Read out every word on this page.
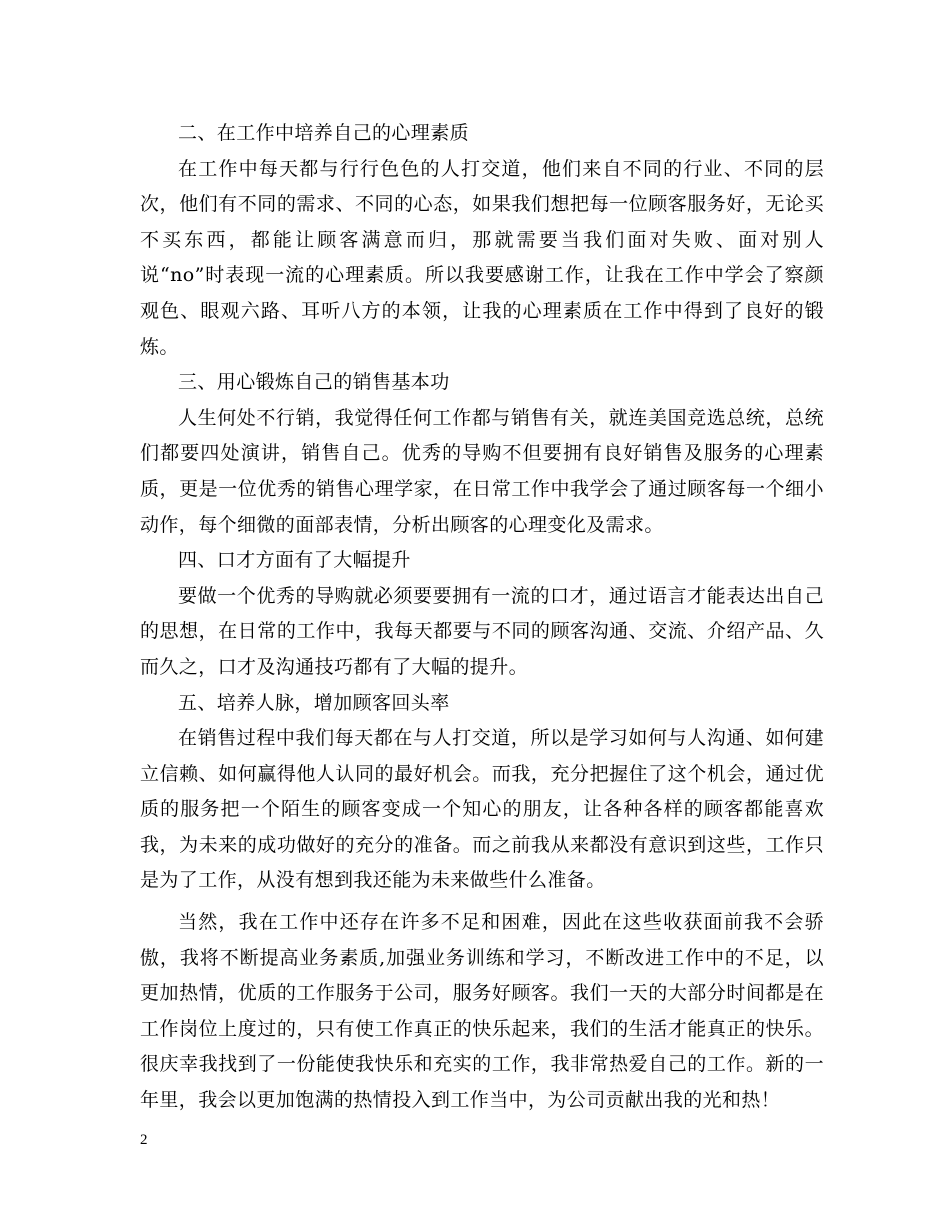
二、在工作中培养自己的心理素质

在工作中每天都与行行色色的人打交道，他们来自不同的行业、不同的层次，他们有不同的需求、不同的心态，如果我们想把每一位顾客服务好，无论买不买东西，都能让顾客满意而归，那就需要当我们面对失败、面对别人说“no”时表现一流的心理素质。所以我要感谢工作，让我在工作中学会了察颜观色、眼观六路、耳听八方的本领，让我的心理素质在工作中得到了良好的锻炼。

三、用心锻炼自己的销售基本功

人生何处不行销，我觉得任何工作都与销售有关，就连美国竞选总统，总统们都要四处演讲，销售自己。优秀的导购不但要拥有良好销售及服务的心理素质，更是一位优秀的销售心理学家，在日常工作中我学会了通过顾客每一个细小动作，每个细微的面部表情，分析出顾客的心理变化及需求。

四、口才方面有了大幅提升

要做一个优秀的导购就必须要要拥有一流的口才，通过语言才能表达出自己的思想，在日常的工作中，我每天都要与不同的顾客沟通、交流、介绍产品、久而久之，口才及沟通技巧都有了大幅的提升。

五、培养人脉，增加顾客回头率

在销售过程中我们每天都在与人打交道，所以是学习如何与人沟通、如何建立信赖、如何赢得他人认同的最好机会。而我，充分把握住了这个机会，通过优质的服务把一个陌生的顾客变成一个知心的朋友，让各种各样的顾客都能喜欢我，为未来的成功做好的充分的准备。而之前我从来都没有意识到这些，工作只是为了工作，从没有想到我还能为未来做些什么准备。

当然，我在工作中还存在许多不足和困难，因此在这些收获面前我不会骄傲，我将不断提高业务素质,加强业务训练和学习，不断改进工作中的不足，以更加热情，优质的工作服务于公司，服务好顾客。我们一天的大部分时间都是在工作岗位上度过的，只有使工作真正的快乐起来，我们的生活才能真正的快乐。很庆幸我找到了一份能使我快乐和充实的工作，我非常热爱自己的工作。新的一年里，我会以更加饱满的热情投入到工作当中，为公司贡献出我的光和热！

2
